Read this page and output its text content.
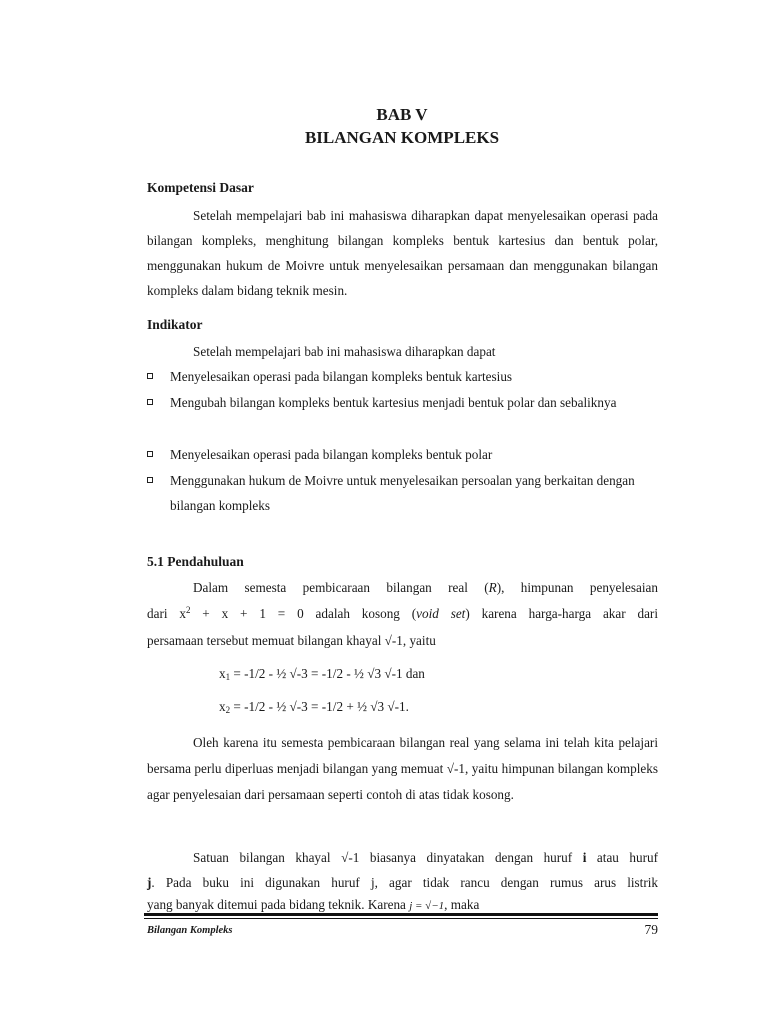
BAB V
BILANGAN KOMPLEKS
Kompetensi Dasar
Setelah mempelajari bab ini mahasiswa diharapkan dapat menyelesaikan operasi pada bilangan kompleks, menghitung bilangan kompleks bentuk kartesius dan bentuk polar, menggunakan hukum de Moivre untuk menyelesaikan persamaan dan menggunakan bilangan kompleks dalam bidang teknik mesin.
Indikator
Setelah mempelajari bab ini mahasiswa diharapkan dapat
Menyelesaikan operasi pada bilangan kompleks bentuk kartesius
Mengubah bilangan kompleks bentuk kartesius menjadi bentuk polar dan sebaliknya
Menyelesaikan operasi pada bilangan kompleks bentuk polar
Menggunakan hukum de Moivre untuk menyelesaikan persoalan yang berkaitan dengan bilangan kompleks
5.1 Pendahuluan
Dalam semesta pembicaraan bilangan real (R), himpunan penyelesaian
dari $x^2 + x + 1 = 0$ adalah kosong (void set) karena harga-harga akar dari
persamaan tersebut memuat bilangan khayal √-1, yaitu
$x_1 = -1/2$ - ½ √-3 = -1/2 - ½ √3 √-1 dan
$x_2 = -1/2$ - ½ √-3 = -1/2 + ½ √3 √-1.
Oleh karena itu semesta pembicaraan bilangan real yang selama ini telah kita pelajari bersama perlu diperluas menjadi bilangan yang memuat √-1, yaitu himpunan bilangan kompleks agar penyelesaian dari persamaan seperti contoh di atas tidak kosong.
Satuan bilangan khayal √-1 biasanya dinyatakan dengan huruf i atau huruf
j. Pada buku ini digunakan huruf j, agar tidak rancu dengan rumus arus listrik
yang banyak ditemui pada bidang teknik. Karena j = √−1, maka
Bilangan Kompleks	79
